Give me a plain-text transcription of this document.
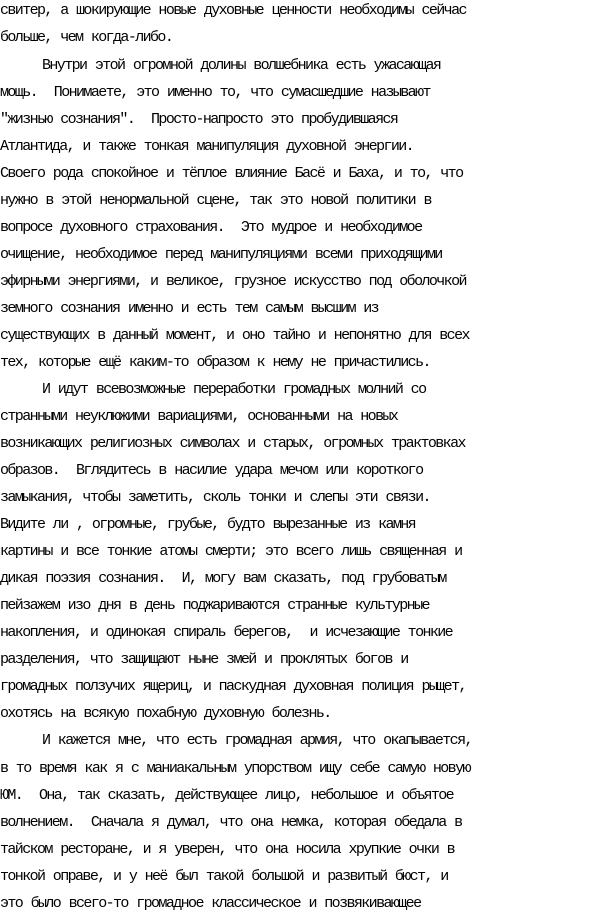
свитер, а шокирующие новые духовные ценности необходимы сейчас

больше, чем когда-либо.

Внутри этой огромной долины волшебника есть ужасающая

мощь.  Понимаете, это именно то, что сумасшедшие называют

"жизнью сознания".  Просто-напросто это пробудившаяся

Атлантида, и также тонкая манипуляция духовной энергии.

Своего рода спокойное и тёплое влияние Басё и Баха, и то, что

нужно в этой ненормальной сцене, так это новой политики в

вопросе духовного страхования.  Это мудрое и необходимое

очищение, необходимое перед манипуляциями всеми приходящими

эфирными энергиями, и великое, грузное искусство под оболочкой

земного сознания именно и есть тем самым высшим из

существующих в данный момент, и оно тайно и непонятно для всех

тех, которые ещё каким-то образом к нему не причастились.

И идут всевозможные переработки громадных молний со

странными неуклюжими вариациями, основанными на новых

возникающих религиозных символах и старых, огромных трактовках

образов.  Вглядитесь в насилие удара мечом или короткого

замыкания, чтобы заметить, сколь тонки и слепы эти связи.

Видите ли , огромные, грубые, будто вырезанные из камня

картины и все тонкие атомы смерти; это всего лишь священная и

дикая поэзия сознания.  И, могу вам сказать, под грубоватым

пейзажем изо дня в день поджариваются странные культурные

накопления, и одинокая спираль берегов,  и исчезающие тонкие

разделения, что защищают ныне змей и проклятых богов и

громадных ползучих ящериц, и паскудная духовная полиция рыщет,

охотясь на всякую похабную духовную болезнь.

И кажется мне, что есть громадная армия, что окапывается,

в то время как я с маниакальным упорством ищу себе самую новую

ЮМ.  Она, так сказать, действующее лицо, небольшое и объятое

волнением.  Сначала я думал, что она немка, которая обедала в

тайском ресторане, и я уверен, что она носила хрупкие очки в

тонкой оправе, и у неё был такой большой и развитый бюст, и

это было всего-то громадное классическое и позвякивающее
